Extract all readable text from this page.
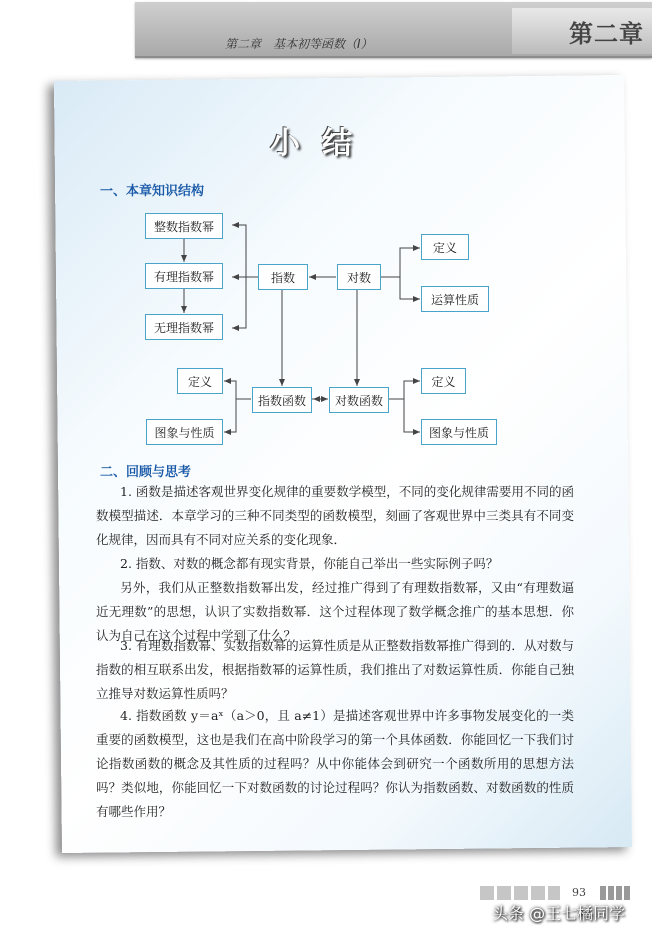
第二章　基本初等函数（Ⅰ）	第二章
小结
一、本章知识结构
整数指数幂
有理指数幂
无理指数幂
指数	对数
定义
运算性质
定义
图象与性质
指数函数	对数函数
定义
图象与性质
二、回顾与思考
1. 函数是描述客观世界变化规律的重要数学模型，不同的变化规律需要用不同的函数模型描述．本章学习的三种不同类型的函数模型，刻画了客观世界中三类具有不同变化规律，因而具有不同对应关系的变化现象．
2. 指数、对数的概念都有现实背景，你能自己举出一些实际例子吗？
另外，我们从正整数指数幂出发，经过推广得到了有理数指数幂，又由“有理数逼近无理数”的思想，认识了实数指数幂．这个过程体现了数学概念推广的基本思想．你认为自己在这个过程中学到了什么？
3. 有理数指数幂、实数指数幂的运算性质是从正整数指数幂推广得到的．从对数与指数的相互联系出发，根据指数幂的运算性质，我们推出了对数运算性质．你能自己独立推导对数运算性质吗？
4. 指数函数 y＝aˣ（a＞0，且 a≠1）是描述客观世界中许多事物发展变化的一类重要的函数模型，这也是我们在高中阶段学习的第一个具体函数．你能回忆一下我们讨论指数函数的概念及其性质的过程吗？从中你能体会到研究一个函数所用的思想方法吗？类似地，你能回忆一下对数函数的讨论过程吗？你认为指数函数、对数函数的性质有哪些作用？
93
头条 @王七橘同学
